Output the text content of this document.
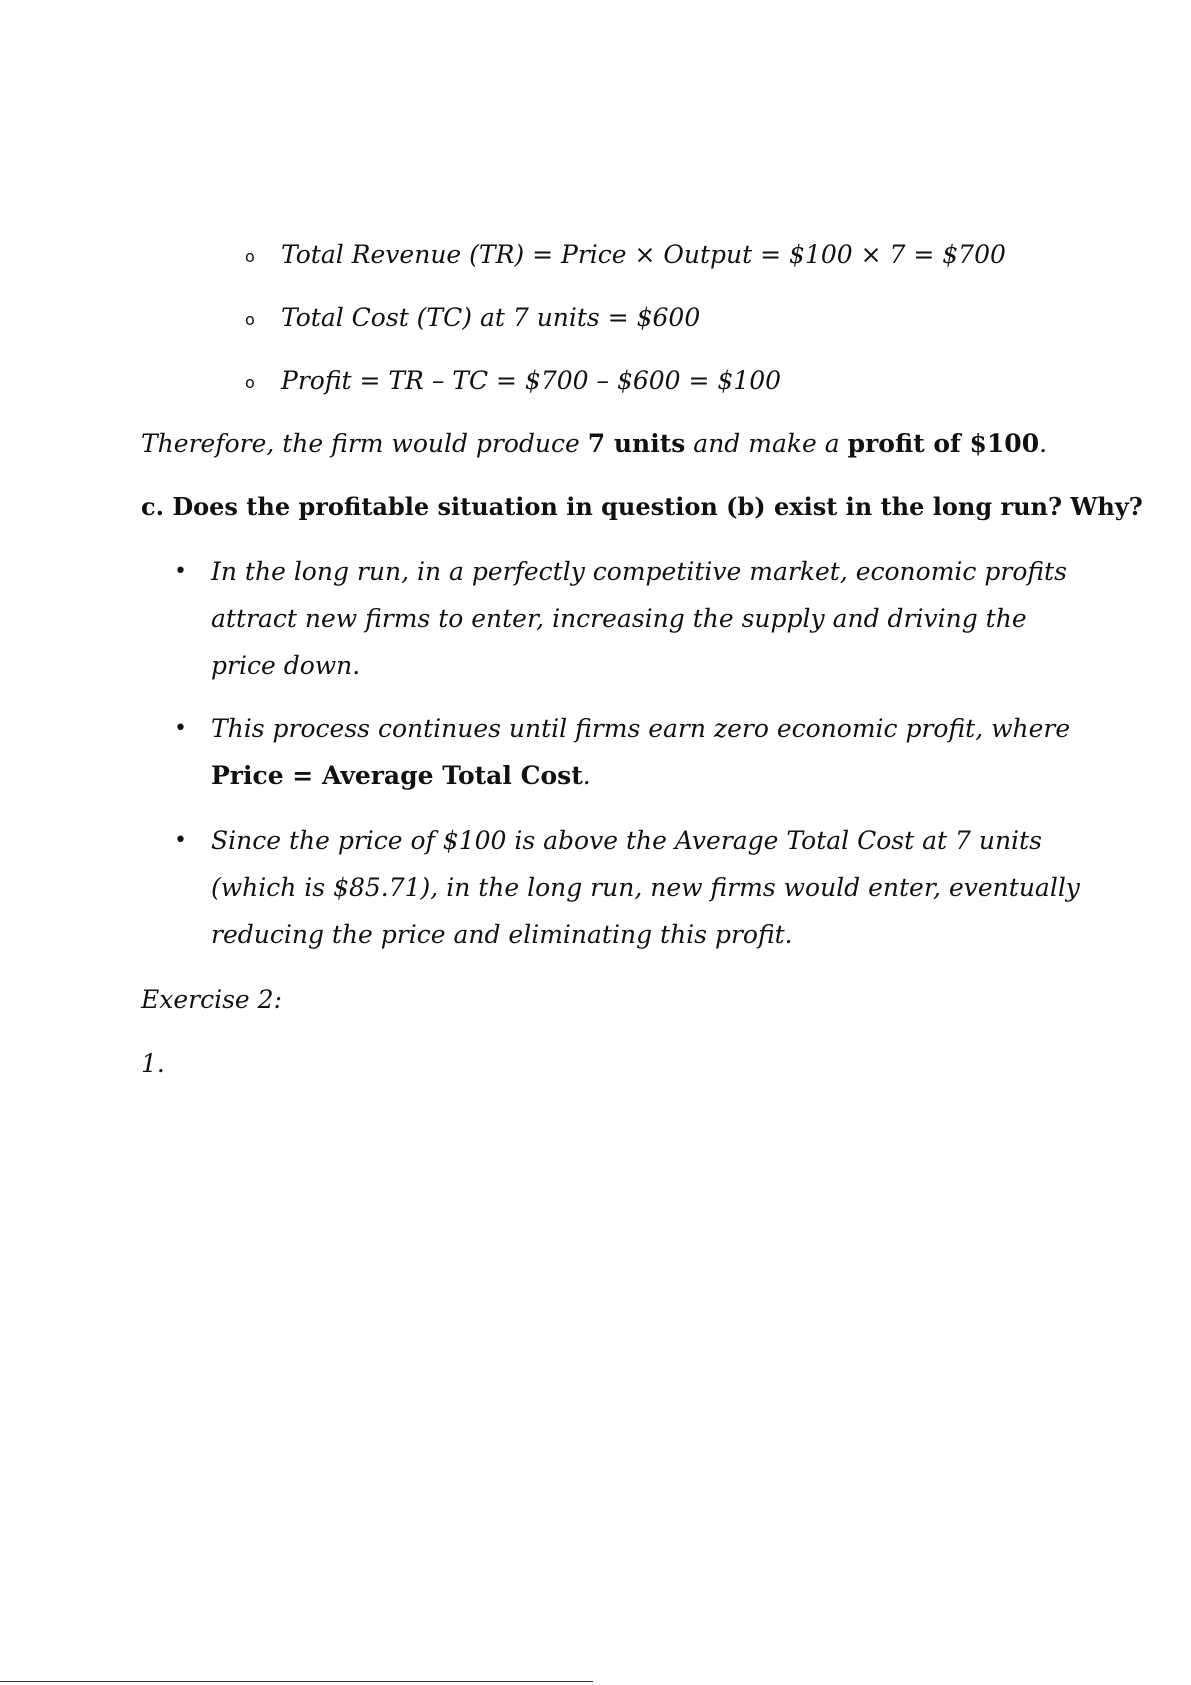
o Total Revenue (TR) = Price × Output = $100 × 7 = $700
o Total Cost (TC) at 7 units = $600
o Profit = TR – TC = $700 – $600 = $100
Therefore, the firm would produce 7 units and make a profit of $100.
c. Does the profitable situation in question (b) exist in the long run? Why?
• In the long run, in a perfectly competitive market, economic profits
attract new firms to enter, increasing the supply and driving the
price down.
• This process continues until firms earn zero economic profit, where
Price = Average Total Cost.
• Since the price of $100 is above the Average Total Cost at 7 units
(which is $85.71), in the long run, new firms would enter, eventually
reducing the price and eliminating this profit.
Exercise 2:
1.
